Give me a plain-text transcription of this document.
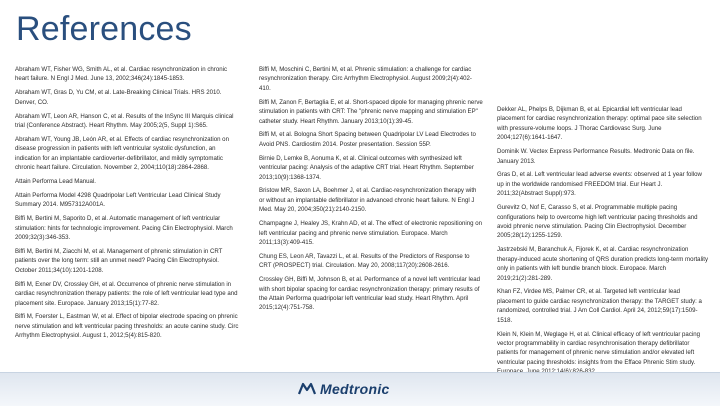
References

Abraham WT, Fisher WG, Smith AL, et al. Cardiac resynchronization in chronic heart failure. N Engl J Med. June 13, 2002;346(24):1845-1853.

Abraham WT, Gras D, Yu CM, et al. Late-Breaking Clinical Trials. HRS 2010. Denver, CO.

Abraham WT, Leon AR, Hanson C, et al. Results of the InSync III Marquis clinical trial (Conference Abstract). Heart Rhythm. May 2005;2(5, Suppl 1):S65.

Abraham WT, Young JB, León AR, et al. Effects of cardiac resynchronization on disease progression in patients with left ventricular systolic dysfunction, an indication for an implantable cardioverter-defibrillator, and mildly symptomatic chronic heart failure. Circulation. November 2, 2004;110(18):2864-2868.

Attain Performa Lead Manual.

Attain Performa Model 4298 Quadripolar Left Ventricular Lead Clinical Study Summary 2014. M957312A001A.

Biffi M, Bertini M, Saporito D, et al. Automatic management of left ventricular stimulation: hints for technologic improvement. Pacing Clin Electrophysiol. March 2009;32(3):346-353.

Biffi M, Bertini M, Ziacchi M, et al. Management of phrenic stimulation in CRT patients over the long term: still an unmet need? Pacing Clin Electrophysiol. October 2011;34(10):1201-1208.

Biffi M, Exner DV, Crossley GH, et al. Occurrence of phrenic nerve stimulation in cardiac resynchronization therapy patients: the role of left ventricular lead type and placement site. Europace. January 2013;15(1):77-82.

Biffi M, Foerster L, Eastman W, et al. Effect of bipolar electrode spacing on phrenic nerve stimulation and left ventricular pacing thresholds: an acute canine study. Circ Arrhythm Electrophysiol. August 1, 2012;5(4):815-820.

Biffi M, Moschini C, Bertini M, et al. Phrenic stimulation: a challenge for cardiac resynchronization therapy. Circ Arrhythm Electrophysiol. August 2009;2(4):402-410.

Biffi M, Zanon F, Bertaglia E, et al. Short-spaced dipole for managing phrenic nerve stimulation in patients with CRT: The "phrenic nerve mapping and stimulation EP" catheter study. Heart Rhythm. January 2013;10(1):39-45.

Biffi M, et al. Bologna Short Spacing between Quadripolar LV Lead Electrodes to Avoid PNS. Cardiostim 2014. Poster presentation. Session 55P.

Birnie D, Lemke B, Aonuma K, et al. Clinical outcomes with synthesized left ventricular pacing: Analysis of the adaptive CRT trial. Heart Rhythm. September 2013;10(9):1368-1374.

Bristow MR, Saxon LA, Boehmer J, et al. Cardiac-resynchronization therapy with or without an implantable defibrillator in advanced chronic heart failure. N Engl J Med. May 20, 2004;350(21):2140-2150.

Champagne J, Healey JS, Krahn AD, et al. The effect of electronic repositioning on left ventricular pacing and phrenic nerve stimulation. Europace. March 2011;13(3):409-415.

Chung ES, Leon AR, Tavazzi L, et al. Results of the Predictors of Response to CRT (PROSPECT) trial. Circulation. May 20, 2008;117(20):2608-2616.

Crossley GH, Biffi M, Johnson B, et al. Performance of a novel left ventricular lead with short bipolar spacing for cardiac resynchronization therapy: primary results of the Attain Performa quadripolar left ventricular lead study. Heart Rhythm. April 2015;12(4):751-758.

Dekker AL, Phelps B, Dijkman B, et al. Epicardial left ventricular lead placement for cardiac resynchronization therapy: optimal pace site selection with pressure-volume loops. J Thorac Cardiovasc Surg. June 2004;127(6):1641-1647.

Dominik W. Vectex Express Performance Results. Medtronic Data on file. January 2013.

Gras D, et al. Left ventricular lead adverse events: observed at 1 year follow up in the worldwide randomised FREEDOM trial. Eur Heart J. 2011;32(Abstract Suppl):973.

Gurevitz O, Nof E, Carasso S, et al. Programmable multiple pacing configurations help to overcome high left ventricular pacing thresholds and avoid phrenic nerve stimulation. Pacing Clin Electrophysiol. December 2005;28(12):1255-1259.

Jastrzebski M, Baranchuk A, Fijorek K, et al. Cardiac resynchronization therapy-induced acute shortening of QRS duration predicts long-term mortality only in patients with left bundle branch block. Europace. March 2019;21(2):281-289.

Khan FZ, Virdee MS, Palmer CR, et al. Targeted left ventricular lead placement to guide cardiac resynchronization therapy: the TARGET study: a randomized, controlled trial. J Am Coll Cardiol. April 24, 2012;59(17):1509-1518.

Klein N, Klein M, Weglage H, et al. Clinical efficacy of left ventricular pacing vector programmability in cardiac resynchronisation therapy defibrillator patients for management of phrenic nerve stimulation and/or elevated left ventricular pacing thresholds: insights from the Efface Phrenic Stim study.

Medtronic
